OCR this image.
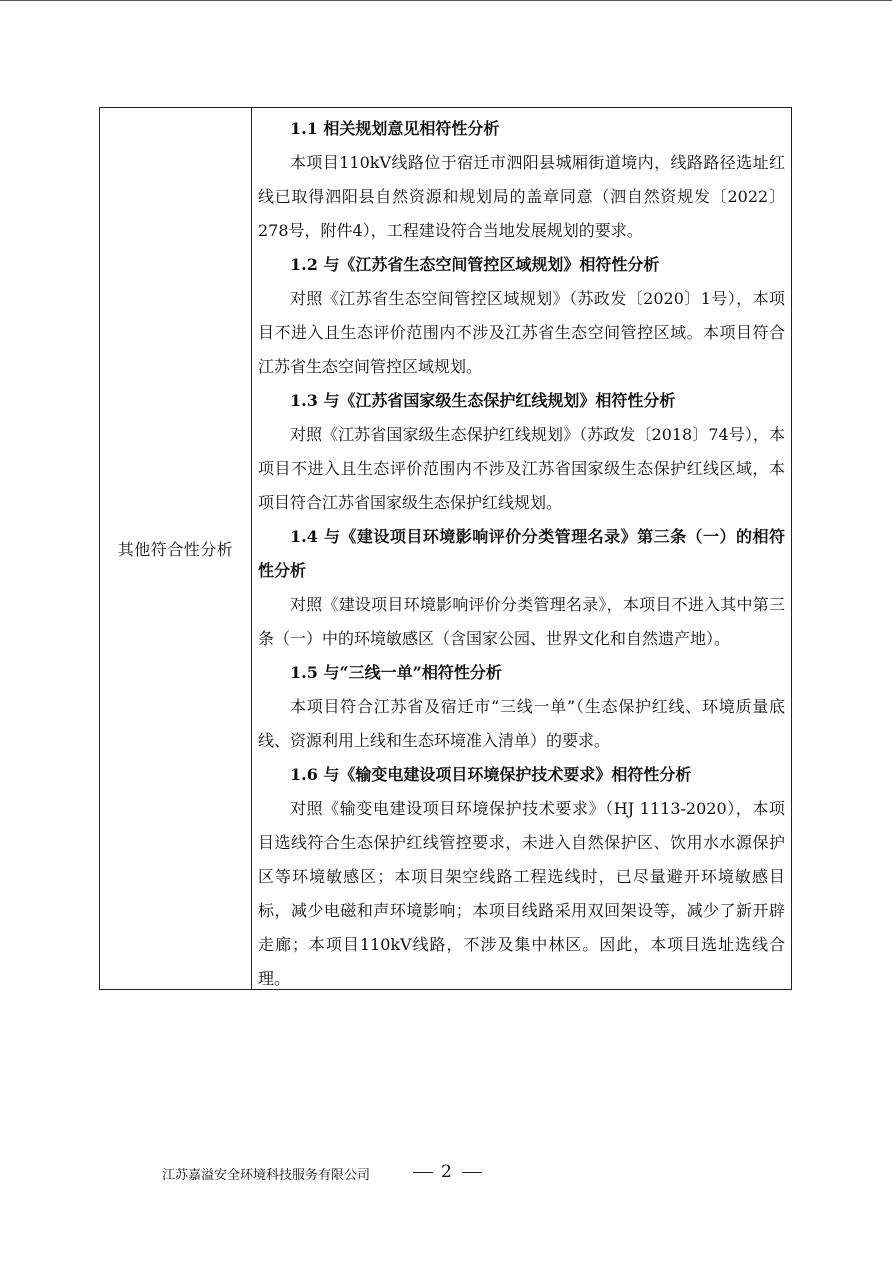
其他符合性分析

1.1 相关规划意见相符性分析

本项目110kV线路位于宿迁市泗阳县城厢街道境内，线路路径选址红线已取得泗阳县自然资源和规划局的盖章同意（泗自然资规发〔2022〕278号，附件4），工程建设符合当地发展规划的要求。

1.2 与《江苏省生态空间管控区域规划》相符性分析

对照《江苏省生态空间管控区域规划》（苏政发〔2020〕1号），本项目不进入且生态评价范围内不涉及江苏省生态空间管控区域。本项目符合江苏省生态空间管控区域规划。

1.3 与《江苏省国家级生态保护红线规划》相符性分析

对照《江苏省国家级生态保护红线规划》（苏政发〔2018〕74号），本项目不进入且生态评价范围内不涉及江苏省国家级生态保护红线区域，本项目符合江苏省国家级生态保护红线规划。

1.4 与《建设项目环境影响评价分类管理名录》第三条（一）的相符性分析

对照《建设项目环境影响评价分类管理名录》，本项目不进入其中第三条（一）中的环境敏感区（含国家公园、世界文化和自然遗产地）。

1.5 与“三线一单”相符性分析

本项目符合江苏省及宿迁市“三线一单”（生态保护红线、环境质量底线、资源利用上线和生态环境准入清单）的要求。

1.6 与《输变电建设项目环境保护技术要求》相符性分析

对照《输变电建设项目环境保护技术要求》（HJ 1113-2020），本项目选线符合生态保护红线管控要求，未进入自然保护区、饮用水水源保护区等环境敏感区；本项目架空线路工程选线时，已尽量避开环境敏感目标，减少电磁和声环境影响；本项目线路采用双回架设等，减少了新开辟走廊；本项目110kV线路，不涉及集中林区。因此，本项目选址选线合理。

江苏嘉溢安全环境科技服务有限公司	2
